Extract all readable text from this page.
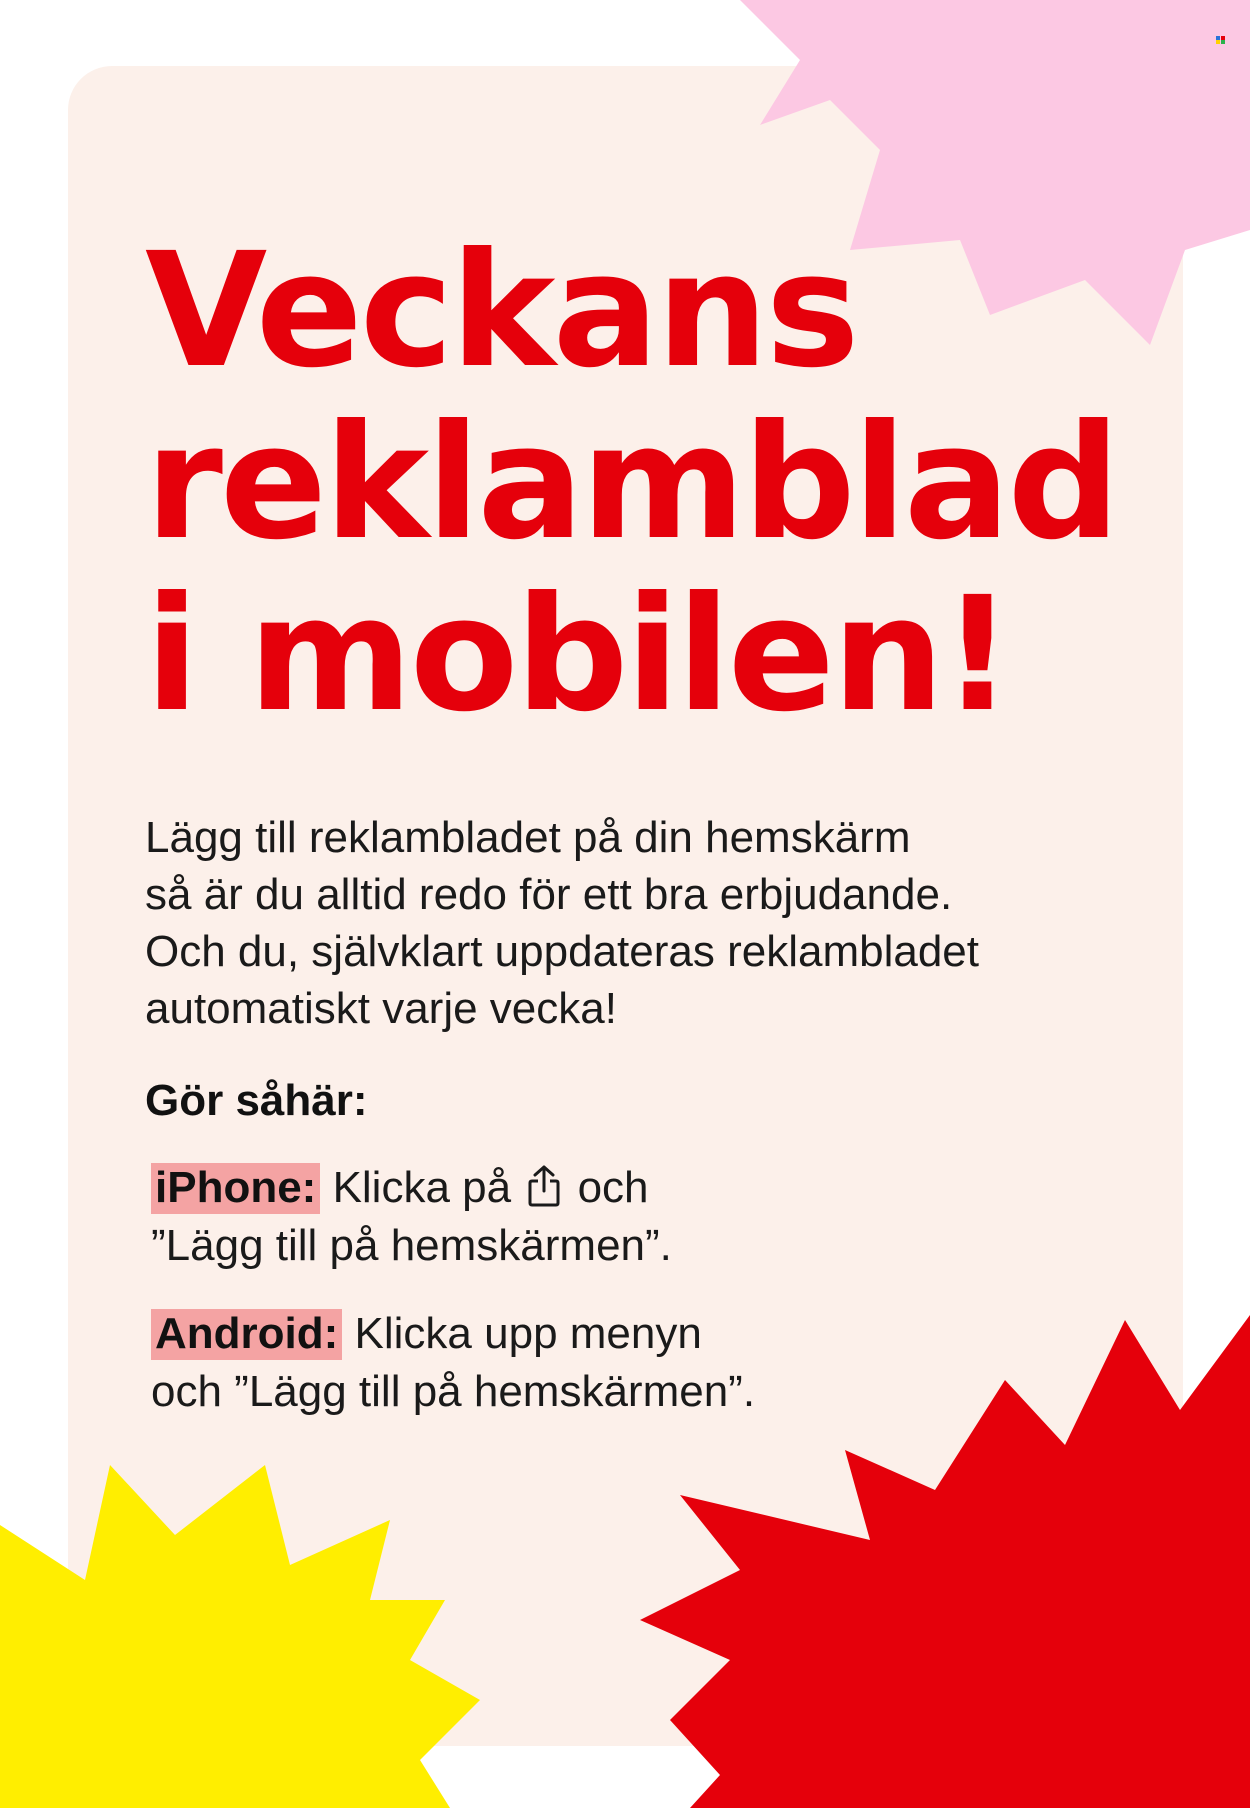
Veckans
reklamblad
i mobilen!

Lägg till reklambladet på din hemskärm
så är du alltid redo för ett bra erbjudande.
Och du, självklart uppdateras reklambladet
automatiskt varje vecka!

Gör såhär:
iPhone: Klicka på och
”Lägg till på hemskärmen”.
Android: Klicka upp menyn
och ”Lägg till på hemskärmen”.
